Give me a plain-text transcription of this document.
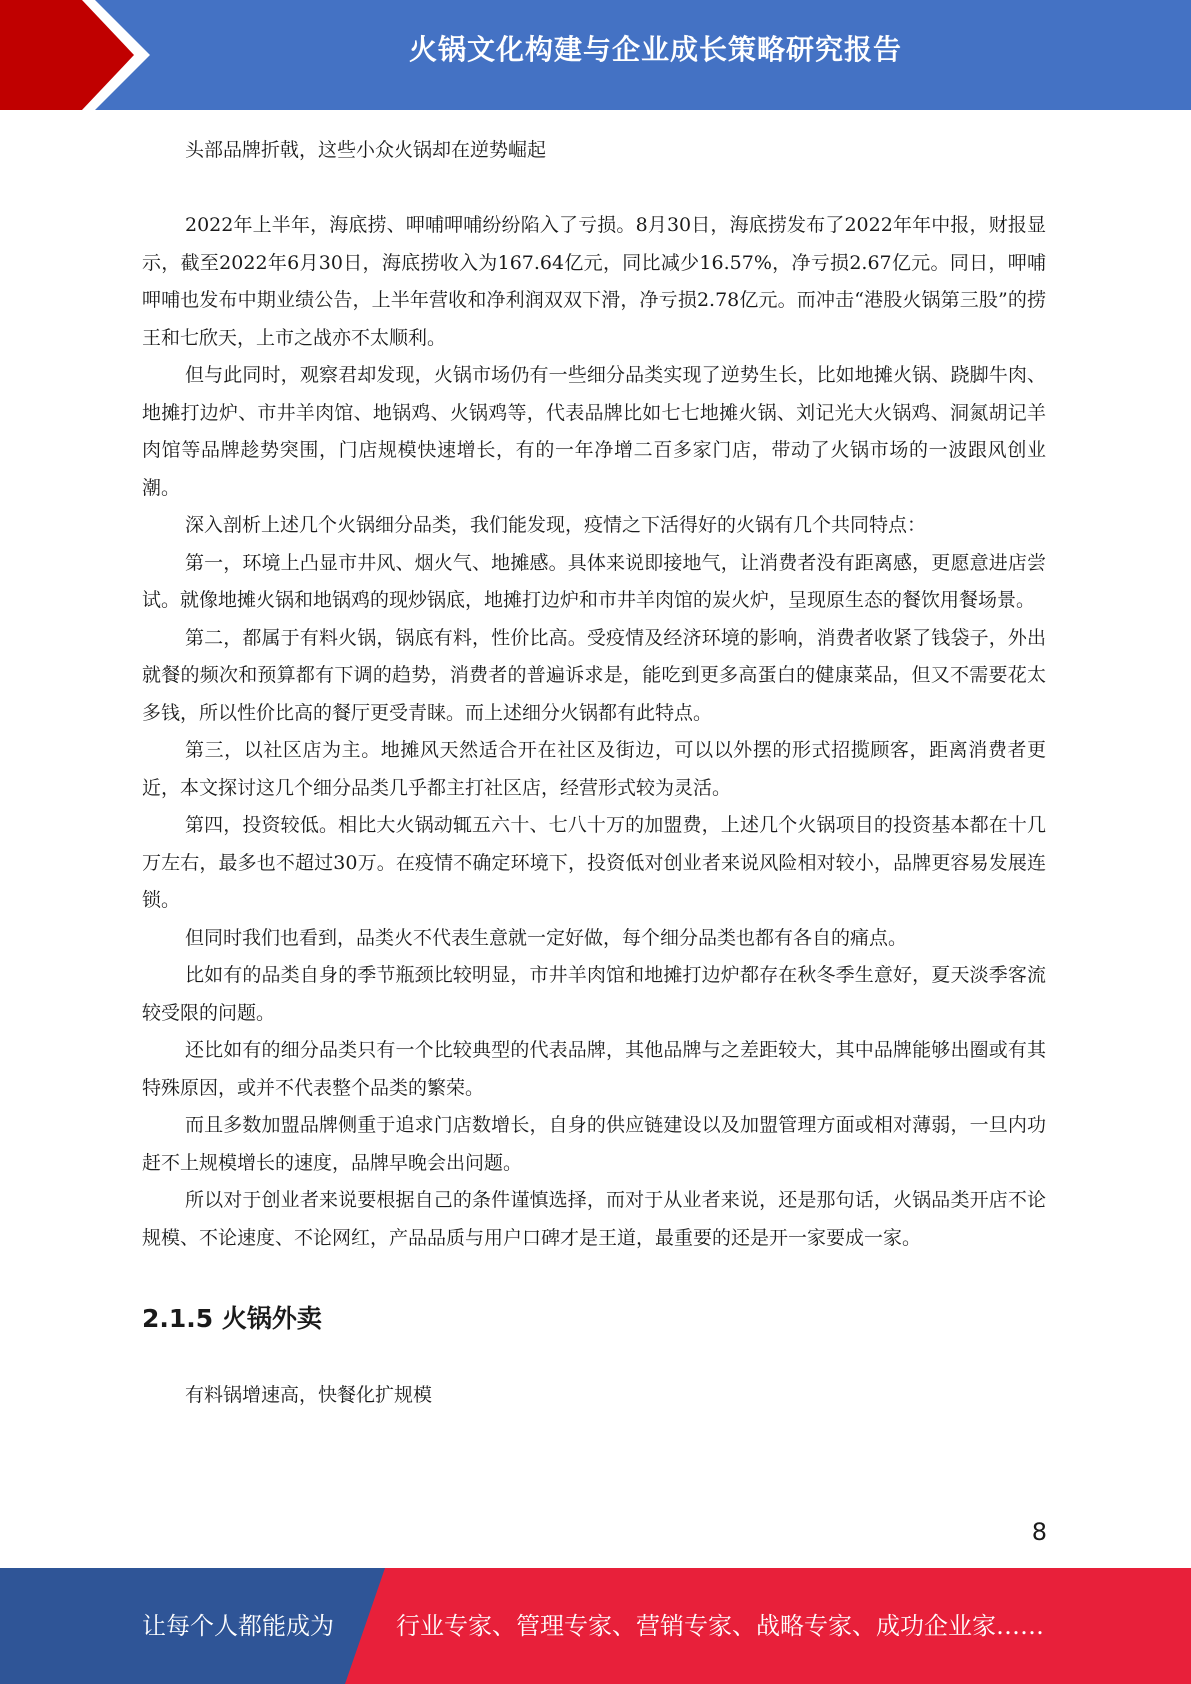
火锅文化构建与企业成长策略研究报告

头部品牌折戟，这些小众火锅却在逆势崛起

2022年上半年，海底捞、呷哺呷哺纷纷陷入了亏损。8月30日，海底捞发布了2022年年中报，财报显示，截至2022年6月30日，海底捞收入为167.64亿元，同比减少16.57%，净亏损2.67亿元。同日，呷哺呷哺也发布中期业绩公告，上半年营收和净利润双双下滑，净亏损2.78亿元。而冲击“港股火锅第三股”的捞王和七欣天，上市之战亦不太顺利。

但与此同时，观察君却发现，火锅市场仍有一些细分品类实现了逆势生长，比如地摊火锅、跷脚牛肉、地摊打边炉、市井羊肉馆、地锅鸡、火锅鸡等，代表品牌比如七七地摊火锅、刘记光大火锅鸡、洞氮胡记羊肉馆等品牌趁势突围，门店规模快速增长，有的一年净增二百多家门店，带动了火锅市场的一波跟风创业潮。

深入剖析上述几个火锅细分品类，我们能发现，疫情之下活得好的火锅有几个共同特点：

第一，环境上凸显市井风、烟火气、地摊感。具体来说即接地气，让消费者没有距离感，更愿意进店尝试。就像地摊火锅和地锅鸡的现炒锅底，地摊打边炉和市井羊肉馆的炭火炉，呈现原生态的餐饮用餐场景。

第二，都属于有料火锅，锅底有料，性价比高。受疫情及经济环境的影响，消费者收紧了钱袋子，外出就餐的频次和预算都有下调的趋势，消费者的普遍诉求是，能吃到更多高蛋白的健康菜品，但又不需要花太多钱，所以性价比高的餐厅更受青睐。而上述细分火锅都有此特点。

第三，以社区店为主。地摊风天然适合开在社区及街边，可以以外摆的形式招揽顾客，距离消费者更近，本文探讨这几个细分品类几乎都主打社区店，经营形式较为灵活。

第四，投资较低。相比大火锅动辄五六十、七八十万的加盟费，上述几个火锅项目的投资基本都在十几万左右，最多也不超过30万。在疫情不确定环境下，投资低对创业者来说风险相对较小，品牌更容易发展连锁。

但同时我们也看到，品类火不代表生意就一定好做，每个细分品类也都有各自的痛点。

比如有的品类自身的季节瓶颈比较明显，市井羊肉馆和地摊打边炉都存在秋冬季生意好，夏天淡季客流较受限的问题。

还比如有的细分品类只有一个比较典型的代表品牌，其他品牌与之差距较大，其中品牌能够出圈或有其特殊原因，或并不代表整个品类的繁荣。

而且多数加盟品牌侧重于追求门店数增长，自身的供应链建设以及加盟管理方面或相对薄弱，一旦内功赶不上规模增长的速度，品牌早晚会出问题。

所以对于创业者来说要根据自己的条件谨慎选择，而对于从业者来说，还是那句话，火锅品类开店不论规模、不论速度、不论网红，产品品质与用户口碑才是王道，最重要的还是开一家要成一家。

2.1.5 火锅外卖

有料锅增速高，快餐化扩规模

8
让每个人都能成为	行业专家、管理专家、营销专家、战略专家、成功企业家……
